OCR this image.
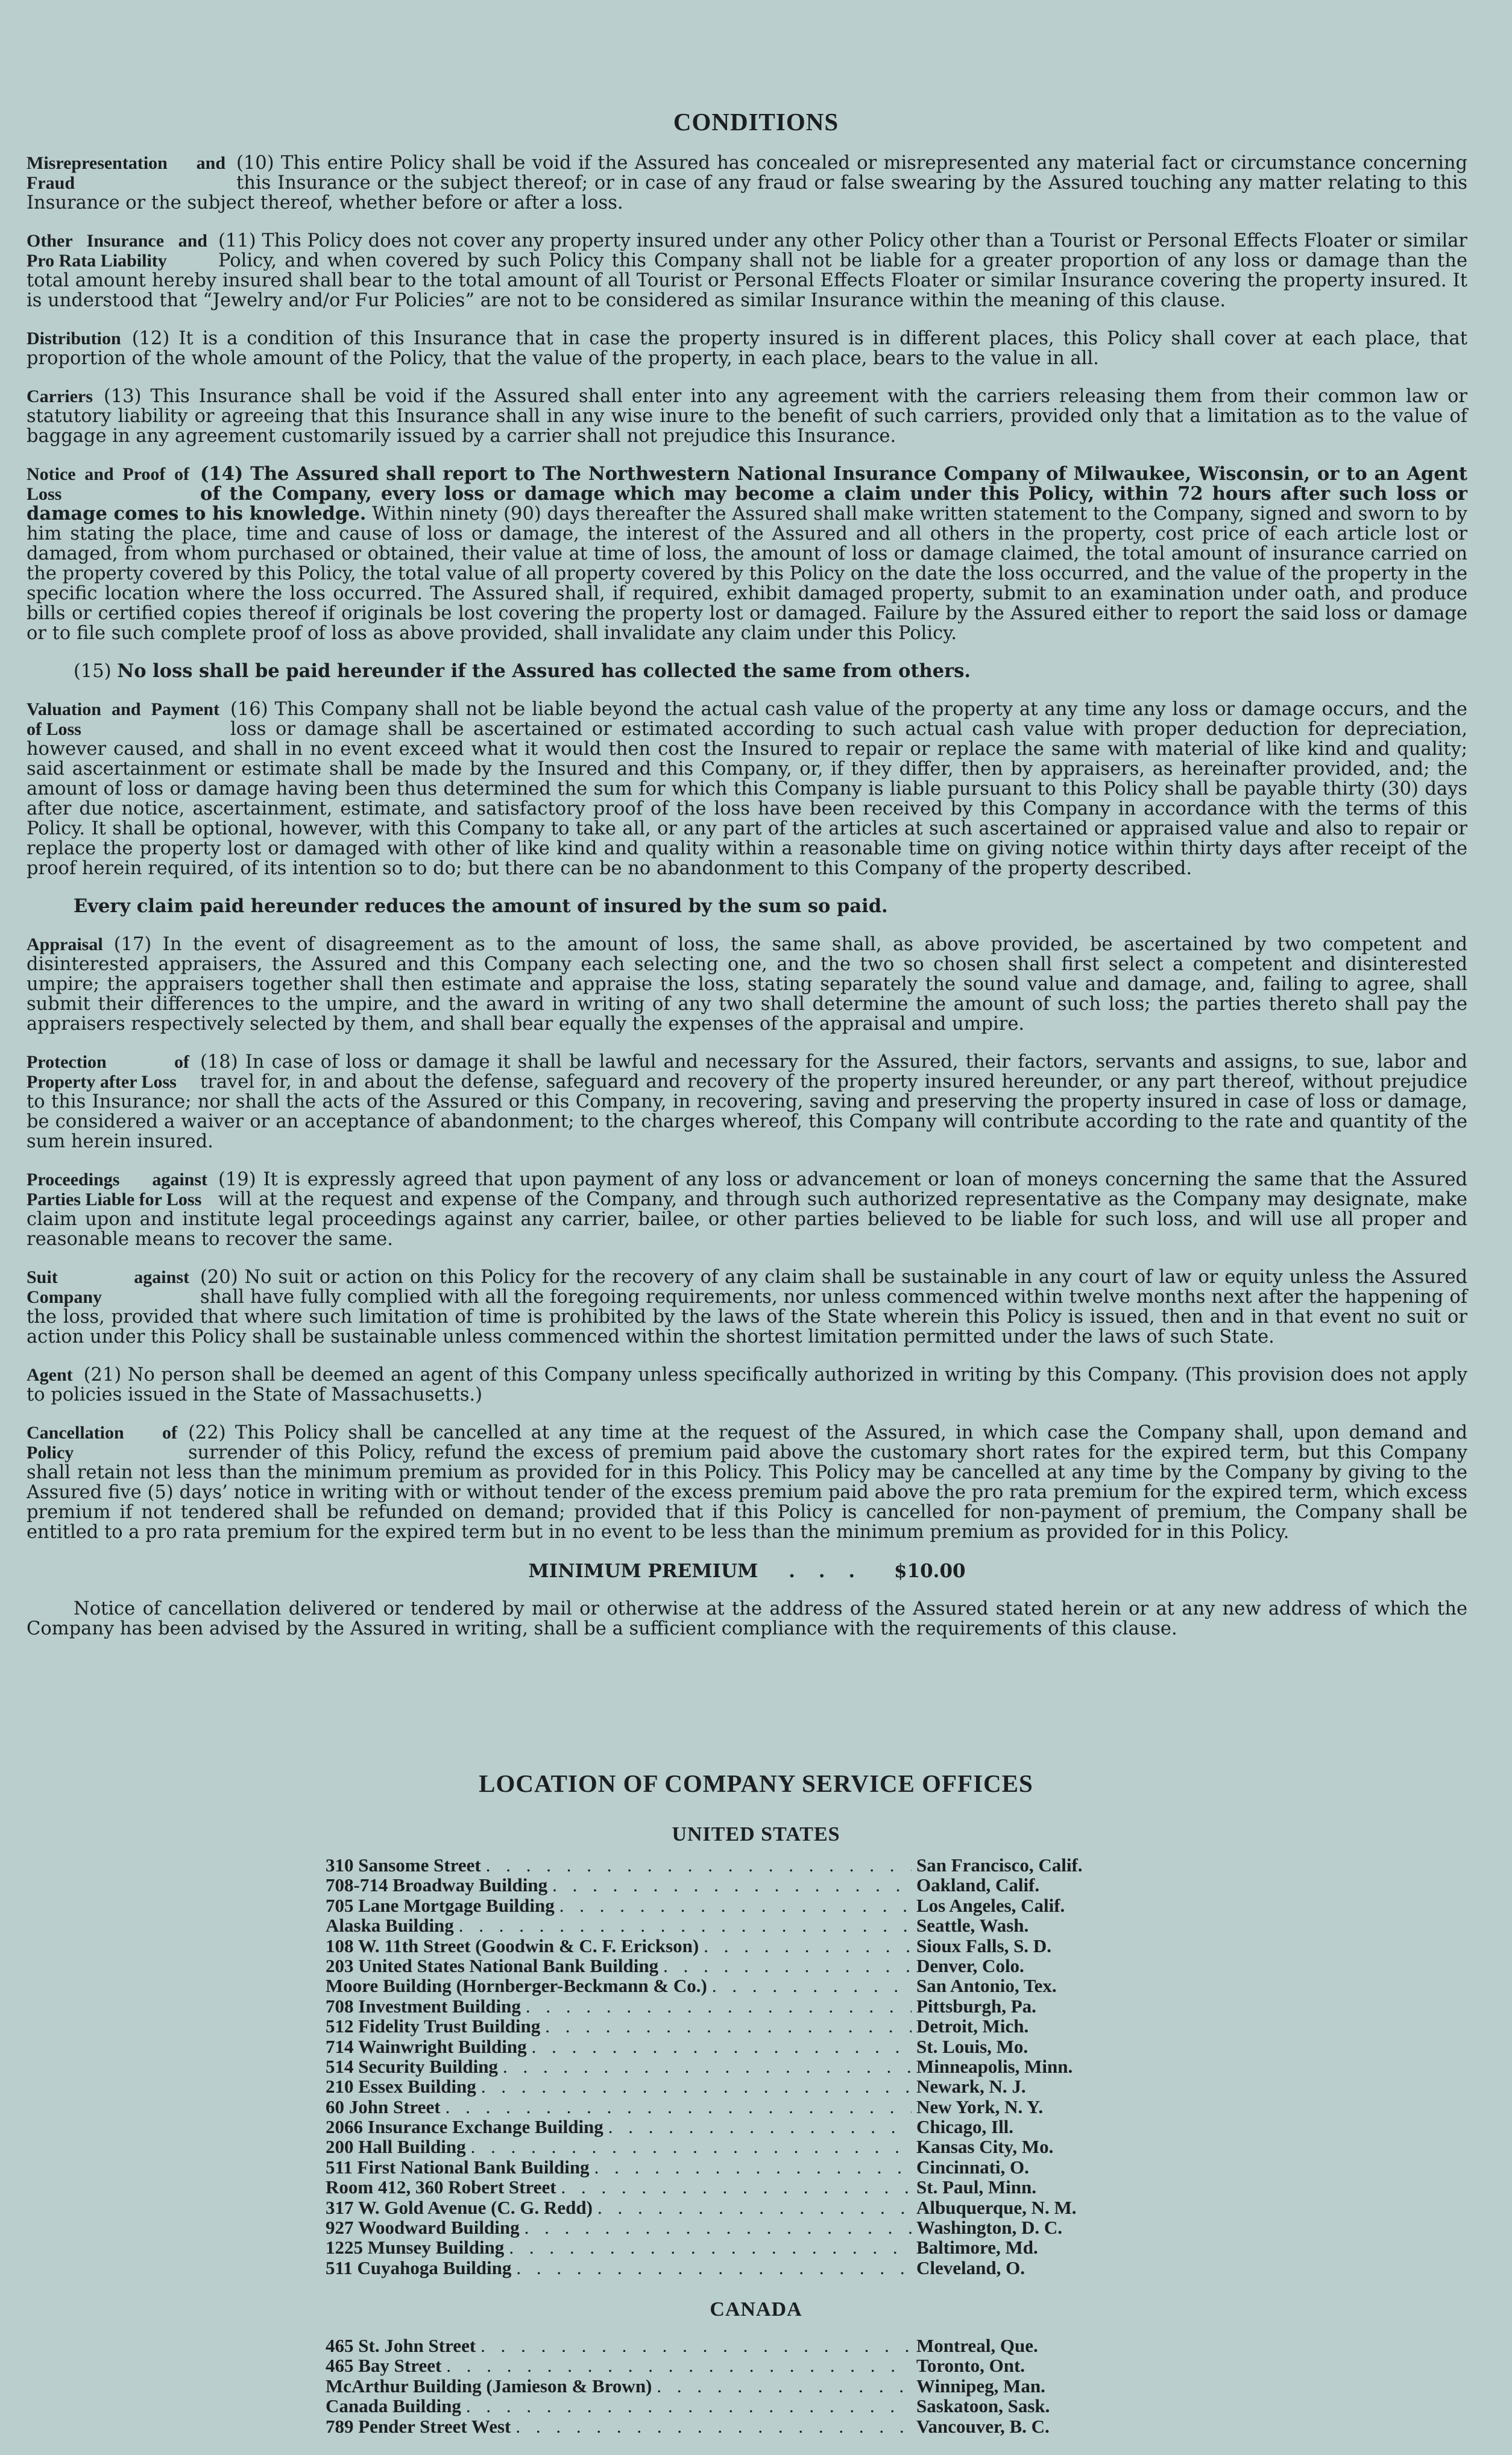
CONDITIONS
Misrepresentation and Fraud
(10) This entire Policy shall be void if the Assured has concealed or misrepresented any material fact or circumstance concerning this Insurance or the subject thereof; or in case of any fraud or false swearing by the Assured touching any matter relating to this Insurance or the subject thereof, whether before or after a loss.
Other Insurance and Pro Rata Liability
(11) This Policy does not cover any property insured under any other Policy other than a Tourist or Personal Effects Floater or similar Policy, and when covered by such Policy this Company shall not be liable for a greater proportion of any loss or damage than the total amount hereby insured shall bear to the total amount of all Tourist or Personal Effects Floater or similar Insurance covering the property insured. It is understood that “Jewelry and/or Fur Policies” are not to be considered as similar Insurance within the meaning of this clause.
Distribution (12) It is a condition of this Insurance that in case the property insured is in different places, this Policy shall cover at each place, that proportion of the whole amount of the Policy, that the value of the property, in each place, bears to the value in all.
Carriers (13) This Insurance shall be void if the Assured shall enter into any agreement with the carriers releasing them from their common law or statutory liability or agreeing that this Insurance shall in any wise inure to the benefit of such carriers, provided only that a limitation as to the value of baggage in any agreement customarily issued by a carrier shall not prejudice this Insurance.
Notice and Proof of Loss
(14) The Assured shall report to The Northwestern National Insurance Company of Milwaukee, Wisconsin, or to an Agent of the Company, every loss or damage which may become a claim under this Policy, within 72 hours after such loss or damage comes to his knowledge. Within ninety (90) days thereafter the Assured shall make written statement to the Company, signed and sworn to by him stating the place, time and cause of loss or damage, the interest of the Assured and all others in the property, cost price of each article lost or damaged, from whom purchased or obtained, their value at time of loss, the amount of loss or damage claimed, the total amount of insurance carried on the property covered by this Policy, the total value of all property covered by this Policy on the date the loss occurred, and the value of the property in the specific location where the loss occurred. The Assured shall, if required, exhibit damaged property, submit to an examination under oath, and produce bills or certified copies thereof if originals be lost covering the property lost or damaged. Failure by the Assured either to report the said loss or damage or to file such complete proof of loss as above provided, shall invalidate any claim under this Policy.
(15) No loss shall be paid hereunder if the Assured has collected the same from others.
Valuation and Payment of Loss
(16) This Company shall not be liable beyond the actual cash value of the property at any time any loss or damage occurs, and the loss or damage shall be ascertained or estimated according to such actual cash value with proper deduction for depreciation, however caused, and shall in no event exceed what it would then cost the Insured to repair or replace the same with material of like kind and quality; said ascertainment or estimate shall be made by the Insured and this Company, or, if they differ, then by appraisers, as hereinafter provided, and; the amount of loss or damage having been thus determined the sum for which this Company is liable pursuant to this Policy shall be payable thirty (30) days after due notice, ascertainment, estimate, and satisfactory proof of the loss have been received by this Company in accordance with the terms of this Policy. It shall be optional, however, with this Company to take all, or any part of the articles at such ascertained or appraised value and also to repair or replace the property lost or damaged with other of like kind and quality within a reasonable time on giving notice within thirty days after receipt of the proof herein required, of its intention so to do; but there can be no abandonment to this Company of the property described.
Every claim paid hereunder reduces the amount of insured by the sum so paid.
Appraisal (17) In the event of disagreement as to the amount of loss, the same shall, as above provided, be ascertained by two competent and disinterested appraisers, the Assured and this Company each selecting one, and the two so chosen shall first select a competent and disinterested umpire; the appraisers together shall then estimate and appraise the loss, stating separately the sound value and damage, and, failing to agree, shall submit their differences to the umpire, and the award in writing of any two shall determine the amount of such loss; the parties thereto shall pay the appraisers respectively selected by them, and shall bear equally the expenses of the appraisal and umpire.
Protection of Property after Loss
(18) In case of loss or damage it shall be lawful and necessary for the Assured, their factors, servants and assigns, to sue, labor and travel for, in and about the defense, safeguard and recovery of the property insured hereunder, or any part thereof, without prejudice to this Insurance; nor shall the acts of the Assured or this Company, in recovering, saving and preserving the property insured in case of loss or damage, be considered a waiver or an acceptance of abandonment; to the charges whereof, this Company will contribute according to the rate and quantity of the sum herein insured.
Proceedings against Parties Liable for Loss
(19) It is expressly agreed that upon payment of any loss or advancement or loan of moneys concerning the same that the Assured will at the request and expense of the Company, and through such authorized representative as the Company may designate, make claim upon and institute legal proceedings against any carrier, bailee, or other parties believed to be liable for such loss, and will use all proper and reasonable means to recover the same.
Suit against Company
(20) No suit or action on this Policy for the recovery of any claim shall be sustainable in any court of law or equity unless the Assured shall have fully complied with all the foregoing requirements, nor unless commenced within twelve months next after the happening of the loss, provided that where such limitation of time is prohibited by the laws of the State wherein this Policy is issued, then and in that event no suit or action under this Policy shall be sustainable unless commenced within the shortest limitation permitted under the laws of such State.
Agent (21) No person shall be deemed an agent of this Company unless specifically authorized in writing by this Company. (This provision does not apply to policies issued in the State of Massachusetts.)
Cancellation of Policy
(22) This Policy shall be cancelled at any time at the request of the Assured, in which case the Company shall, upon demand and surrender of this Policy, refund the excess of premium paid above the customary short rates for the expired term, but this Company shall retain not less than the minimum premium as provided for in this Policy. This Policy may be cancelled at any time by the Company by giving to the Assured five (5) days’ notice in writing with or without tender of the excess premium paid above the pro rata premium for the expired term, which excess premium if not tendered shall be refunded on demand; provided that if this Policy is cancelled for non-payment of premium, the Company shall be entitled to a pro rata premium for the expired term but in no event to be less than the minimum premium as provided for in this Policy.
MINIMUM PREMIUM . . . $10.00
Notice of cancellation delivered or tendered by mail or otherwise at the address of the Assured stated herein or at any new address of which the Company has been advised by the Assured in writing, shall be a sufficient compliance with the requirements of this clause.
LOCATION OF COMPANY SERVICE OFFICES
UNITED STATES
310 Sansome Street . . .	San Francisco, Calif.
708-714 Broadway Building . . .	Oakland, Calif.
705 Lane Mortgage Building . . .	Los Angeles, Calif.
Alaska Building . . .	Seattle, Wash.
108 W. 11th Street (Goodwin & C. F. Erickson) . . .	Sioux Falls, S. D.
203 United States National Bank Building . . .	Denver, Colo.
Moore Building (Hornberger-Beckmann & Co.) . . .	San Antonio, Tex.
708 Investment Building . . .	Pittsburgh, Pa.
512 Fidelity Trust Building . . .	Detroit, Mich.
714 Wainwright Building . . .	St. Louis, Mo.
514 Security Building . . .	Minneapolis, Minn.
210 Essex Building . . .	Newark, N. J.
60 John Street . . .	New York, N. Y.
2066 Insurance Exchange Building . . .	Chicago, Ill.
200 Hall Building . . .	Kansas City, Mo.
511 First National Bank Building . . .	Cincinnati, O.
Room 412, 360 Robert Street . . .	St. Paul, Minn.
317 W. Gold Avenue (C. G. Redd) . . .	Albuquerque, N. M.
927 Woodward Building . . .	Washington, D. C.
1225 Munsey Building . . .	Baltimore, Md.
511 Cuyahoga Building . . .	Cleveland, O.
CANADA
465 St. John Street . . .	Montreal, Que.
465 Bay Street . . .	Toronto, Ont.
McArthur Building (Jamieson & Brown) . . .	Winnipeg, Man.
Canada Building . . .	Saskatoon, Sask.
789 Pender Street West . . .	Vancouver, B. C.
